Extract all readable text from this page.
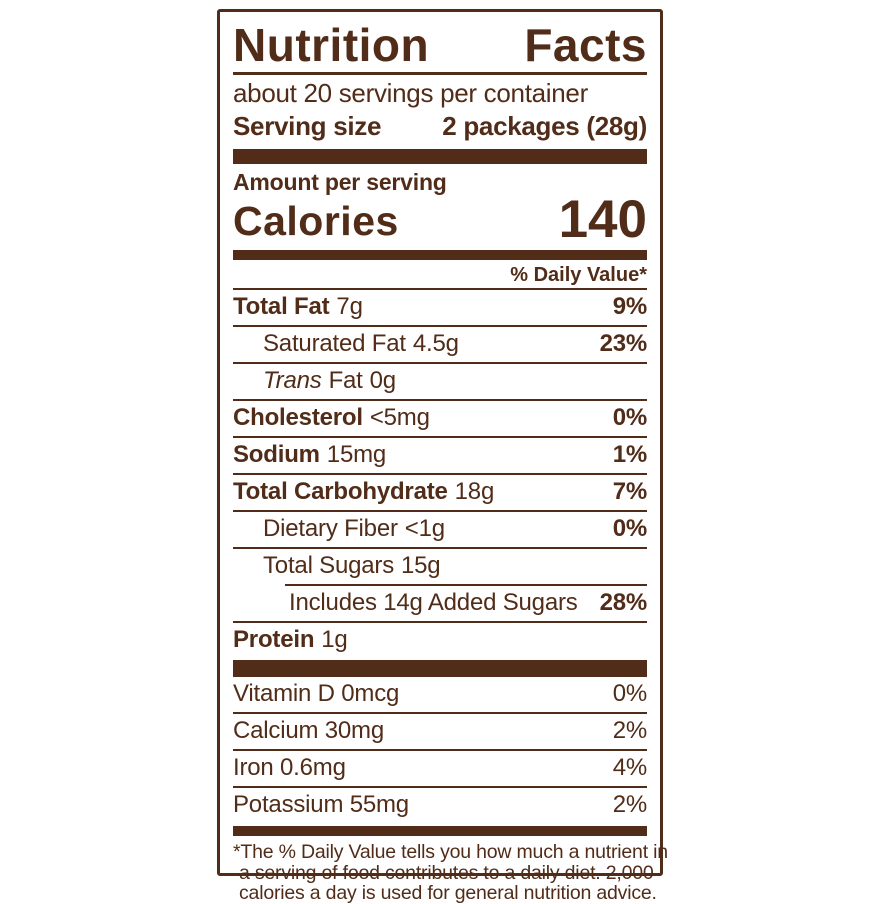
Nutrition Facts
about 20 servings per container
Serving size 2 packages (28g)
Amount per serving
Calories	140
% Daily Value*
Total Fat 7g	9%
Saturated Fat 4.5g	23%
Trans Fat 0g
Cholesterol <5mg	0%
Sodium 15mg	1%
Total Carbohydrate 18g	7%
Dietary Fiber <1g	0%
Total Sugars 15g
Includes 14g Added Sugars 28%
Protein 1g
Vitamin D 0mcg	0%
Calcium 30mg	2%
Iron 0.6mg	4%
Potassium 55mg	2%
*The % Daily Value tells you how much a nutrient in
a serving of food contributes to a daily diet. 2,000
calories a day is used for general nutrition advice.
